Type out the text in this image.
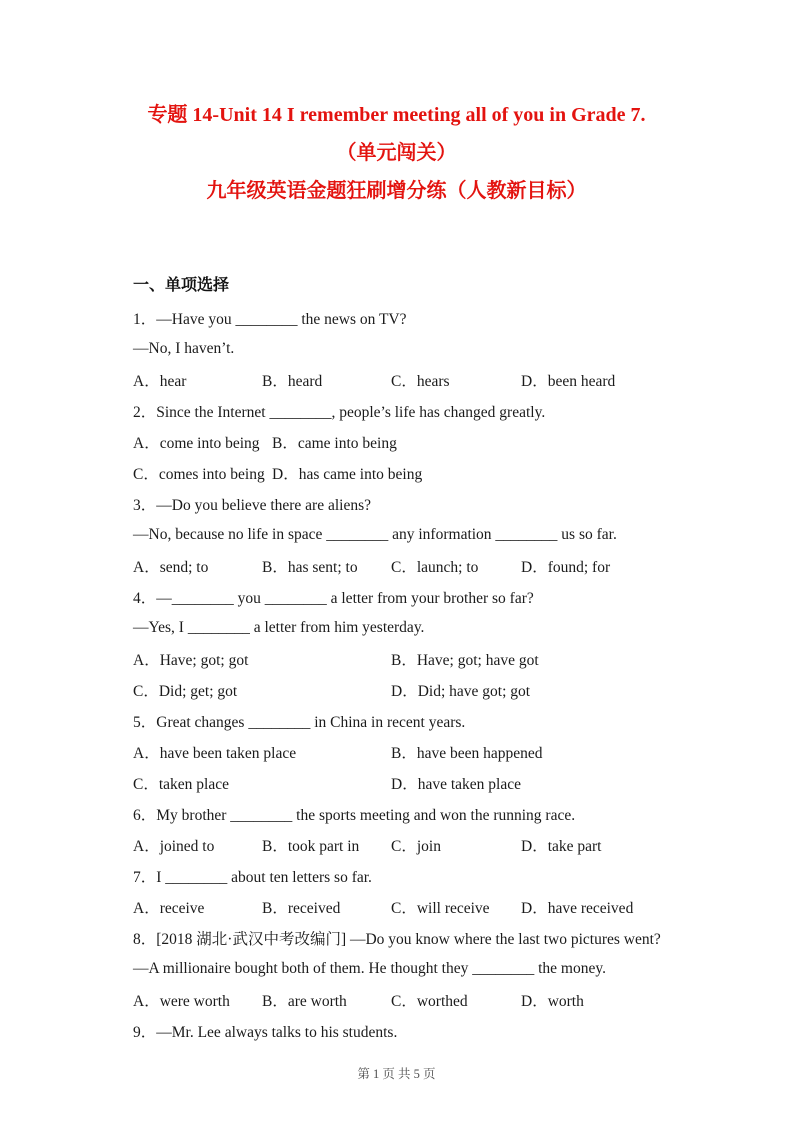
专题 14-Unit 14 I remember meeting all of you in Grade 7.
（单元闯关）
九年级英语金题狂刷增分练（人教新目标）
一、单项选择
1．—Have you ________ the news on TV?
—No, I haven’t.
A．hear	B．heard	C．hears	D．been heard
2．Since the Internet ________, people’s life has changed greatly.
A．come into being B．came into being
C．comes into being D．has came into being
3．—Do you believe there are aliens?
—No, because no life in space ________ any information ________ us so far.
A．send; to	B．has sent; to C．launch; to	D．found; for
4．—________ you ________ a letter from your brother so far?
—Yes, I ________ a letter from him yesterday.
A．Have; got; got	B．Have; got; have got
C．Did; get; got	D．Did; have got; got
5．Great changes ________ in China in recent years.
A．have been taken place	B．have been happened
C．taken place	D．have taken place
6．My brother ________ the sports meeting and won the running race.
A．joined to	B．took part in C．join	D．take part
7．I ________ about ten letters so far.
A．receive	B．received	C．will receive D．have received
8．[2018 湖北·武汉中考改编门] —Do you know where the last two pictures went?
—A millionaire bought both of them. He thought they ________ the money.
A．were worth B．are worth	C．worthed	D．worth
9．—Mr. Lee always talks to his students.
第 1 页 共 5 页
